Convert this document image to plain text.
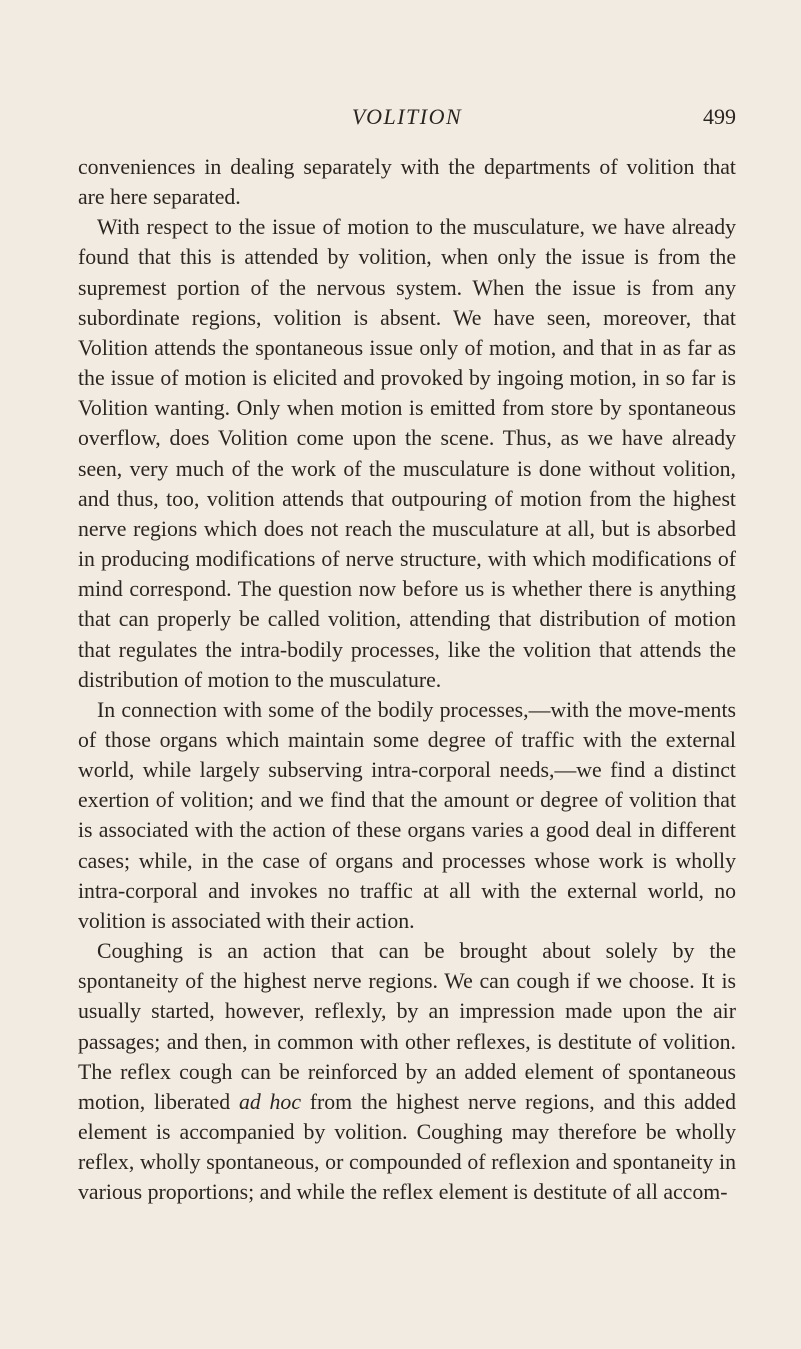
VOLITION	499

conveniences in dealing separately with the departments of volition that are here separated.

With respect to the issue of motion to the musculature, we have already found that this is attended by volition, when only the issue is from the supremest portion of the nervous system. When the issue is from any subordinate regions, volition is absent. We have seen, moreover, that Volition attends the spontaneous issue only of motion, and that in as far as the issue of motion is elicited and provoked by ingoing motion, in so far is Volition wanting. Only when motion is emitted from store by spontaneous overflow, does Volition come upon the scene. Thus, as we have already seen, very much of the work of the musculature is done without volition, and thus, too, volition attends that outpouring of motion from the highest nerve regions which does not reach the musculature at all, but is absorbed in producing modifications of nerve structure, with which modifications of mind correspond. The question now before us is whether there is anything that can properly be called volition, attending that distribution of motion that regulates the intra-bodily processes, like the volition that attends the distribution of motion to the musculature.

In connection with some of the bodily processes,—with the move-ments of those organs which maintain some degree of traffic with the external world, while largely subserving intra-corporal needs,—we find a distinct exertion of volition; and we find that the amount or degree of volition that is associated with the action of these organs varies a good deal in different cases; while, in the case of organs and processes whose work is wholly intra-corporal and invokes no traffic at all with the external world, no volition is associated with their action.

Coughing is an action that can be brought about solely by the spontaneity of the highest nerve regions. We can cough if we choose. It is usually started, however, reflexly, by an impression made upon the air passages; and then, in common with other reflexes, is destitute of volition. The reflex cough can be reinforced by an added element of spontaneous motion, liberated ad hoc from the highest nerve regions, and this added element is accompanied by volition. Coughing may therefore be wholly reflex, wholly spontaneous, or compounded of reflexion and spontaneity in various proportions; and while the reflex element is destitute of all accom-
